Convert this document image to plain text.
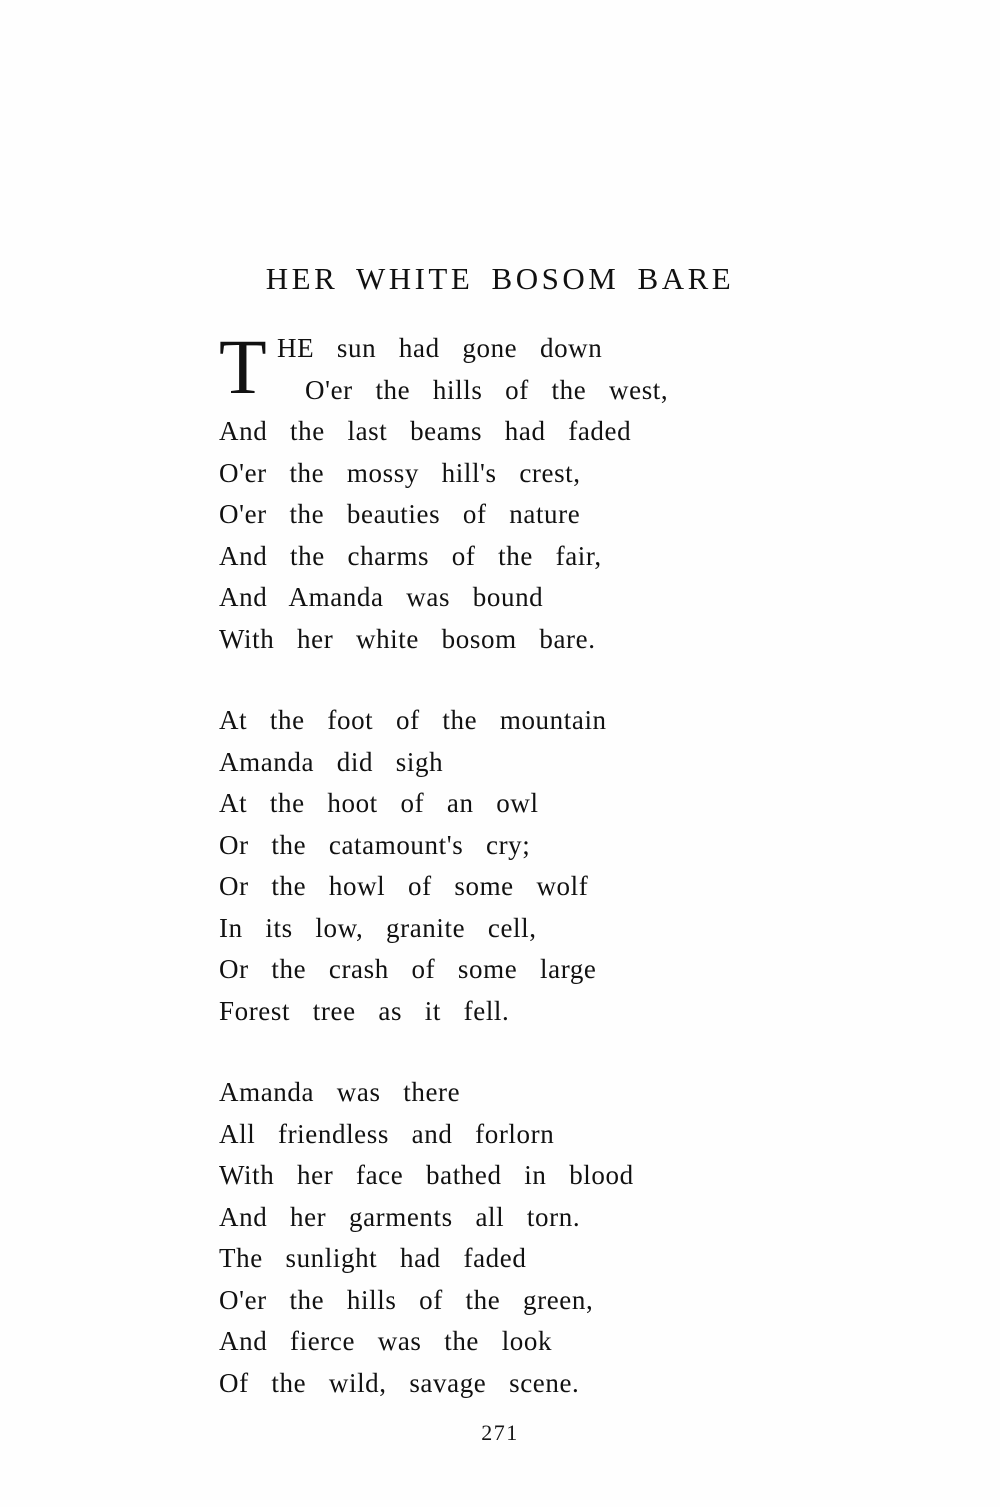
HER WHITE BOSOM BARE
T HE  sun  had  gone  down
O'er  the  hills  of  the  west,
And  the  last  beams  had  faded
O'er  the  mossy  hill's  crest,
O'er  the  beauties  of  nature
And  the  charms  of  the  fair,
And  Amanda  was  bound
With  her  white  bosom  bare.
At  the  foot  of  the  mountain
Amanda  did  sigh
At  the  hoot  of  an  owl
Or  the  catamount's  cry;
Or  the  howl  of  some  wolf
In  its  low,  granite  cell,
Or  the  crash  of  some  large
Forest  tree  as  it  fell.
Amanda  was  there
All  friendless  and  forlorn
With  her  face  bathed  in  blood
And  her  garments  all  torn.
The  sunlight  had  faded
O'er  the  hills  of  the  green,
And  fierce  was  the  look
Of  the  wild,  savage  scene.
271
